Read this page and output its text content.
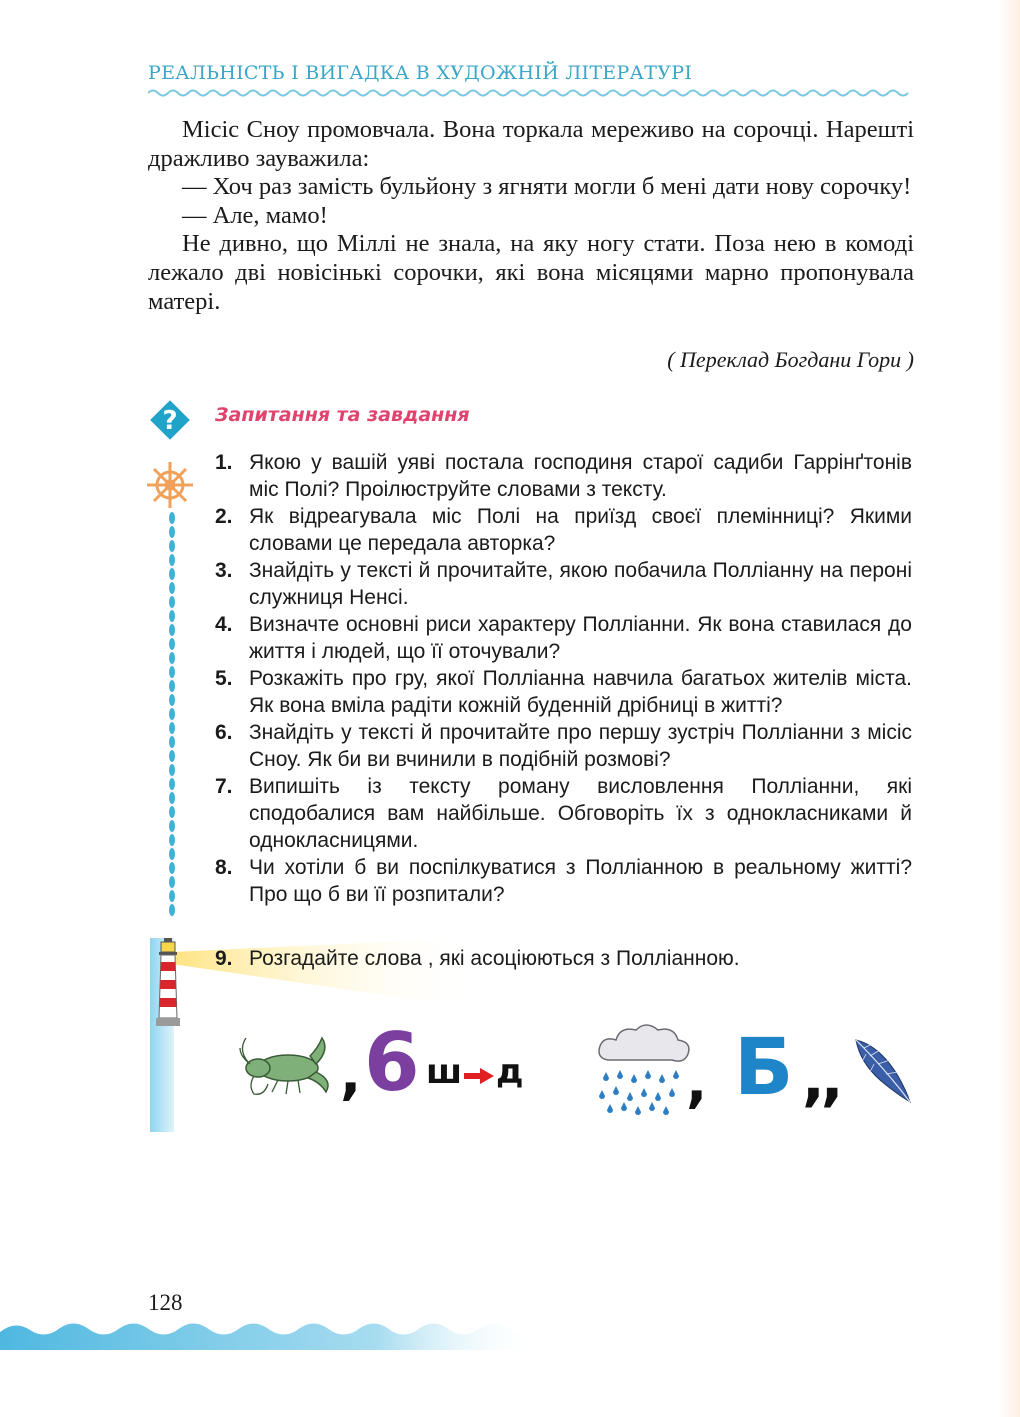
РЕАЛЬНІСТЬ І ВИГАДКА В ХУДОЖНІЙ ЛІТЕРАТУРІ

Місіс Сноу промовчала. Вона торкала мереживо на сорочці. Нарешті дражливо зауважила:

— Хоч раз замість бульйону з ягняти могли б мені дати нову сорочку!

— Але, мамо!

Не дивно, що Міллі не знала, на яку ногу стати. Поза нею в комоді лежало дві новісінькі сорочки, які вона місяцями марно пропонувала матері.

( Переклад Богдани Гори )
? Запитання та завдання
1. Якою у вашій уяві постала господиня старої садиби Гаррінґтонів міс Полі? Проілюструйте словами з тексту.
2. Як відреагувала міс Полі на приїзд своєї племінниці? Якими словами це передала авторка?
3. Знайдіть у тексті й прочитайте, якою побачила Полліанну на пероні служниця Ненсі.
4. Визначте основні риси характеру Полліанни. Як вона ставилася до життя і людей, що її оточували?
5. Розкажіть про гру, якої Полліанна навчила багатьох жителів міста. Як вона вміла радіти кожній буденній дрібниці в житті?
6. Знайдіть у тексті й прочитайте про першу зустріч Полліанни з місіс Сноу. Як би ви вчинили в подібній розмові?
7. Випишіть із тексту роману висловлення Полліанни, які сподобалися вам найбільше. Обговоріть їх з однокласниками й однокласницями.
8. Чи хотіли б ви поспілкуватися з Полліанною в реальному житті? Про що б ви її розпитали?
9. Розгадайте слова , які асоціюються з Полліанною.
, 6 ш д	, Б ,,
128
